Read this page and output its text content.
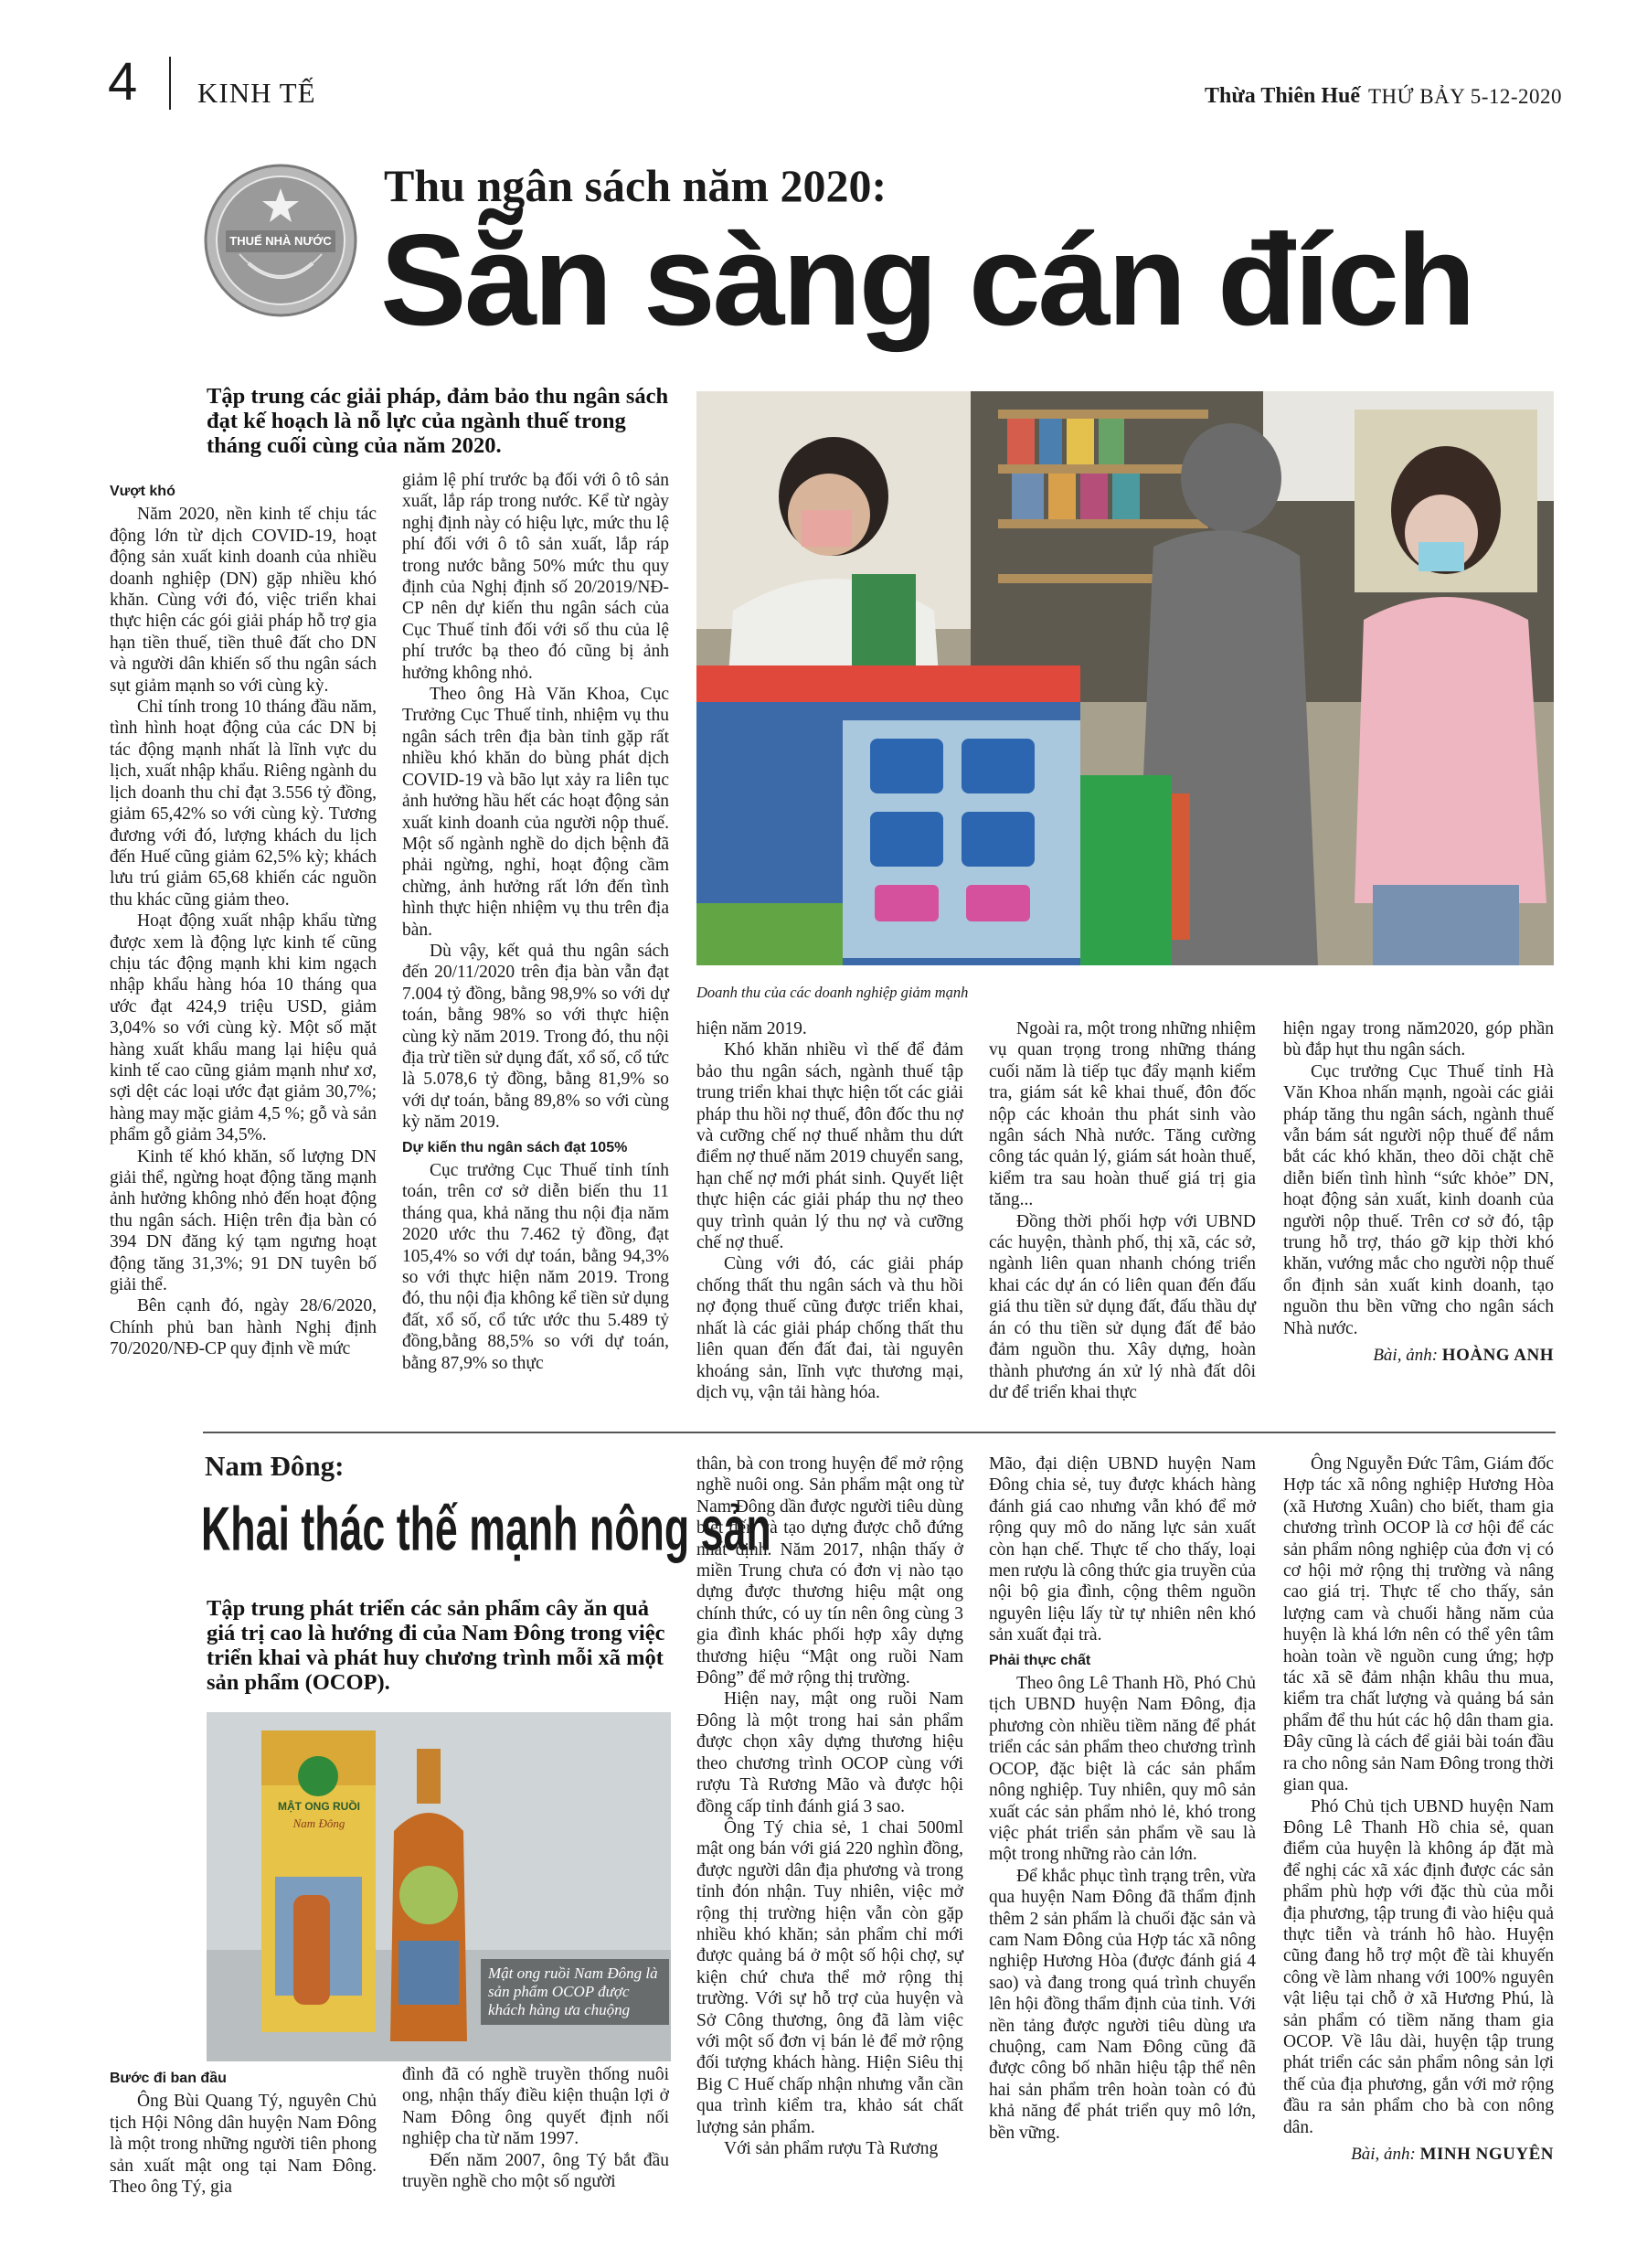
4 KINH TẾ	Thừa Thiên Huế THỨ BẢY 5-12-2020
THUẾ NHÀ NƯỚC
Thu ngân sách năm 2020:
Sẵn sàng cán đích
Tập trung các giải pháp, đảm bảo thu ngân sách đạt kế hoạch là nỗ lực của ngành thuế trong tháng cuối cùng của năm 2020.
Doanh thu của các doanh nghiệp giảm mạnh
Vượt khó

Năm 2020, nền kinh tế chịu tác động lớn từ dịch COVID-19, hoạt động sản xuất kinh doanh của nhiều doanh nghiệp (DN) gặp nhiều khó khăn. Cùng với đó, việc triển khai thực hiện các gói giải pháp hỗ trợ gia hạn tiền thuế, tiền thuê đất cho DN và người dân khiến số thu ngân sách sụt giảm mạnh so với cùng kỳ.

Chỉ tính trong 10 tháng đầu năm, tình hình hoạt động của các DN bị tác động mạnh nhất là lĩnh vực du lịch, xuất nhập khẩu. Riêng ngành du lịch doanh thu chỉ đạt 3.556 tỷ đồng, giảm 65,42% so với cùng kỳ. Tương đương với đó, lượng khách du lịch đến Huế cũng giảm 62,5% kỳ; khách lưu trú giảm 65,68 khiến các nguồn thu khác cũng giảm theo.

Hoạt động xuất nhập khẩu từng được xem là động lực kinh tế cũng chịu tác động mạnh khi kim ngạch nhập khẩu hàng hóa 10 tháng qua ước đạt 424,9 triệu USD, giảm 3,04% so với cùng kỳ. Một số mặt hàng xuất khẩu mang lại hiệu quả kinh tế cao cũng giảm mạnh như xơ, sợi dệt các loại ước đạt giảm 30,7%; hàng may mặc giảm 4,5 %; gỗ và sản phẩm gỗ giảm 34,5%.

Kinh tế khó khăn, số lượng DN giải thể, ngừng hoạt động tăng mạnh ảnh hưởng không nhỏ đến hoạt động thu ngân sách. Hiện trên địa bàn có 394 DN đăng ký tạm ngưng hoạt động tăng 31,3%; 91 DN tuyên bố giải thể.

Bên cạnh đó, ngày 28/6/2020, Chính phủ ban hành Nghị định 70/2020/NĐ-CP quy định về mức

giảm lệ phí trước bạ đối với ô tô sản xuất, lắp ráp trong nước. Kể từ ngày nghị định này có hiệu lực, mức thu lệ phí đối với ô tô sản xuất, lắp ráp trong nước bằng 50% mức thu quy định của Nghị định số 20/2019/NĐ-CP nên dự kiến thu ngân sách của Cục Thuế tỉnh đối với số thu của lệ phí trước bạ theo đó cũng bị ảnh hưởng không nhỏ.

Theo ông Hà Văn Khoa, Cục Trưởng Cục Thuế tỉnh, nhiệm vụ thu ngân sách trên địa bàn tỉnh gặp rất nhiều khó khăn do bùng phát dịch COVID-19 và bão lụt xảy ra liên tục ảnh hưởng hầu hết các hoạt động sản xuất kinh doanh của người nộp thuế. Một số ngành nghề do dịch bệnh đã phải ngừng, nghỉ, hoạt động cầm chừng, ảnh hưởng rất lớn đến tình hình thực hiện nhiệm vụ thu trên địa bàn.

Dù vậy, kết quả thu ngân sách đến 20/11/2020 trên địa bàn vẫn đạt 7.004 tỷ đồng, bằng 98,9% so với dự toán, bằng 98% so với thực hiện cùng kỳ năm 2019. Trong đó, thu nội địa trừ tiền sử dụng đất, xổ số, cổ tức là 5.078,6 tỷ đồng, bằng 81,9% so với dự toán, bằng 89,8% so với cùng kỳ năm 2019.

Dự kiến thu ngân sách đạt 105%

Cục trưởng Cục Thuế tỉnh tính toán, trên cơ sở diễn biến thu 11 tháng qua, khả năng thu nội địa năm 2020 ước thu 7.462 tỷ đồng, đạt 105,4% so với dự toán, bằng 94,3% so với thực hiện năm 2019. Trong đó, thu nội địa không kể tiền sử dụng đất, xổ số, cổ tức ước thu 5.489 tỷ đồng,bằng 88,5% so với dự toán, bằng 87,9% so thực

hiện năm 2019.

Khó khăn nhiều vì thế để đảm bảo thu ngân sách, ngành thuế tập trung triển khai thực hiện tốt các giải pháp thu hồi nợ thuế, đôn đốc thu nợ và cưỡng chế nợ thuế nhằm thu dứt điểm nợ thuế năm 2019 chuyển sang, hạn chế nợ mới phát sinh. Quyết liệt thực hiện các giải pháp thu nợ theo quy trình quản lý thu nợ và cưỡng chế nợ thuế.

Cùng với đó, các giải pháp chống thất thu ngân sách và thu hồi nợ đọng thuế cũng được triển khai, nhất là các giải pháp chống thất thu liên quan đến đất đai, tài nguyên khoáng sản, lĩnh vực thương mại, dịch vụ, vận tải hàng hóa.

Ngoài ra, một trong những nhiệm vụ quan trọng trong những tháng cuối năm là tiếp tục đẩy mạnh kiểm tra, giám sát kê khai thuế, đôn đốc nộp các khoản thu phát sinh vào ngân sách Nhà nước. Tăng cường công tác quản lý, giám sát hoàn thuế, kiểm tra sau hoàn thuế giá trị gia tăng...

Đồng thời phối hợp với UBND các huyện, thành phố, thị xã, các sở, ngành liên quan nhanh chóng triển khai các dự án có liên quan đến đấu giá thu tiền sử dụng đất, đấu thầu dự án có thu tiền sử dụng đất để bảo đảm nguồn thu. Xây dựng, hoàn thành phương án xử lý nhà đất dôi dư để triển khai thực

hiện ngay trong năm2020, góp phần bù đắp hụt thu ngân sách.

Cục trưởng Cục Thuế tỉnh Hà Văn Khoa nhấn mạnh, ngoài các giải pháp tăng thu ngân sách, ngành thuế vẫn bám sát người nộp thuế để nắm bắt các khó khăn, theo dõi chặt chẽ diễn biến tình hình “sức khỏe” DN, hoạt động sản xuất, kinh doanh của người nộp thuế. Trên cơ sở đó, tập trung hỗ trợ, tháo gỡ kịp thời khó khăn, vướng mắc cho người nộp thuế ổn định sản xuất kinh doanh, tạo nguồn thu bền vững cho ngân sách Nhà nước.

Bài, ảnh: HOÀNG ANH
Nam Đông:
Khai thác thế mạnh nông sản
Tập trung phát triển các sản phẩm cây ăn quả giá trị cao là hướng đi của Nam Đông trong việc triển khai và phát huy chương trình mỗi xã một sản phẩm (OCOP).
MẬT ONG RUỒI
Nam Đông
Mật ong ruồi Nam Đông là sản phẩm OCOP được khách hàng ưa chuộng
Bước đi ban đầu

Ông Bùi Quang Tý, nguyên Chủ tịch Hội Nông dân huyện Nam Đông là một trong những người tiên phong sản xuất mật ong tại Nam Đông. Theo ông Tý, gia

đình đã có nghề truyền thống nuôi ong, nhận thấy điều kiện thuận lợi ở Nam Đông ông quyết định nối nghiệp cha từ năm 1997.

Đến năm 2007, ông Tý bắt đầu truyền nghề cho một số người

thân, bà con trong huyện để mở rộng nghề nuôi ong. Sản phẩm mật ong từ Nam Đông dần được người tiêu dùng biết đến và tạo dựng được chỗ đứng nhất định. Năm 2017, nhận thấy ở miền Trung chưa có đơn vị nào tạo dựng được thương hiệu mật ong chính thức, có uy tín nên ông cùng 3 gia đình khác phối hợp xây dựng thương hiệu “Mật ong ruồi Nam Đông” để mở rộng thị trường.

Hiện nay, mật ong ruồi Nam Đông là một trong hai sản phẩm được chọn xây dựng thương hiệu theo chương trình OCOP cùng với rượu Tà Rương Mão và được hội đồng cấp tỉnh đánh giá 3 sao.

Ông Tý chia sẻ, 1 chai 500ml mật ong bán với giá 220 nghìn đồng, được người dân địa phương và trong tỉnh đón nhận. Tuy nhiên, việc mở rộng thị trường hiện vẫn còn gặp nhiều khó khăn; sản phẩm chỉ mới được quảng bá ở một số hội chợ, sự kiện chứ chưa thể mở rộng thị trường. Với sự hỗ trợ của huyện và Sở Công thương, ông đã làm việc với một số đơn vị bán lẻ để mở rộng đối tượng khách hàng. Hiện Siêu thị Big C Huế chấp nhận nhưng vẫn cần qua trình kiểm tra, khảo sát chất lượng sản phẩm.

Với sản phẩm rượu Tà Rương

Mão, đại diện UBND huyện Nam Đông chia sẻ, tuy được khách hàng đánh giá cao nhưng vẫn khó để mở rộng quy mô do năng lực sản xuất còn hạn chế. Thực tế cho thấy, loại men rượu là công thức gia truyền của nội bộ gia đình, cộng thêm nguồn nguyên liệu lấy từ tự nhiên nên khó sản xuất đại trà.

Phải thực chất

Theo ông Lê Thanh Hồ, Phó Chủ tịch UBND huyện Nam Đông, địa phương còn nhiều tiềm năng để phát triển các sản phẩm theo chương trình OCOP, đặc biệt là các sản phẩm nông nghiệp. Tuy nhiên, quy mô sản xuất các sản phẩm nhỏ lẻ, khó trong việc phát triển sản phẩm về sau là một trong những rào cản lớn.

Để khắc phục tình trạng trên, vừa qua huyện Nam Đông đã thẩm định thêm 2 sản phẩm là chuối đặc sản và cam Nam Đông của Hợp tác xã nông nghiệp Hương Hòa (được đánh giá 4 sao) và đang trong quá trình chuyển lên hội đồng thẩm định của tỉnh. Với nền tảng được người tiêu dùng ưa chuộng, cam Nam Đông cũng đã được công bố nhãn hiệu tập thể nên hai sản phẩm trên hoàn toàn có đủ khả năng để phát triển quy mô lớn, bền vững.

Ông Nguyễn Đức Tâm, Giám đốc Hợp tác xã nông nghiệp Hương Hòa (xã Hương Xuân) cho biết, tham gia chương trình OCOP là cơ hội để các sản phẩm nông nghiệp của đơn vị có cơ hội mở rộng thị trường và nâng cao giá trị. Thực tế cho thấy, sản lượng cam và chuối hằng năm của huyện là khá lớn nên có thể yên tâm hoàn toàn về nguồn cung ứng; hợp tác xã sẽ đảm nhận khâu thu mua, kiểm tra chất lượng và quảng bá sản phẩm để thu hút các hộ dân tham gia. Đây cũng là cách để giải bài toán đầu ra cho nông sản Nam Đông trong thời gian qua.

Phó Chủ tịch UBND huyện Nam Đông Lê Thanh Hồ chia sẻ, quan điểm của huyện là không áp đặt mà để nghị các xã xác định được các sản phẩm phù hợp với đặc thù của mỗi địa phương, tập trung đi vào hiệu quả thực tiễn và tránh hô hào. Huyện cũng đang hỗ trợ một đề tài khuyến công về làm nhang với 100% nguyên vật liệu tại chỗ ở xã Hương Phú, là sản phẩm có tiềm năng tham gia OCOP. Về lâu dài, huyện tập trung phát triển các sản phẩm nông sản lợi thế của địa phương, gắn với mở rộng đầu ra sản phẩm cho bà con nông dân.

Bài, ảnh: MINH NGUYÊN
